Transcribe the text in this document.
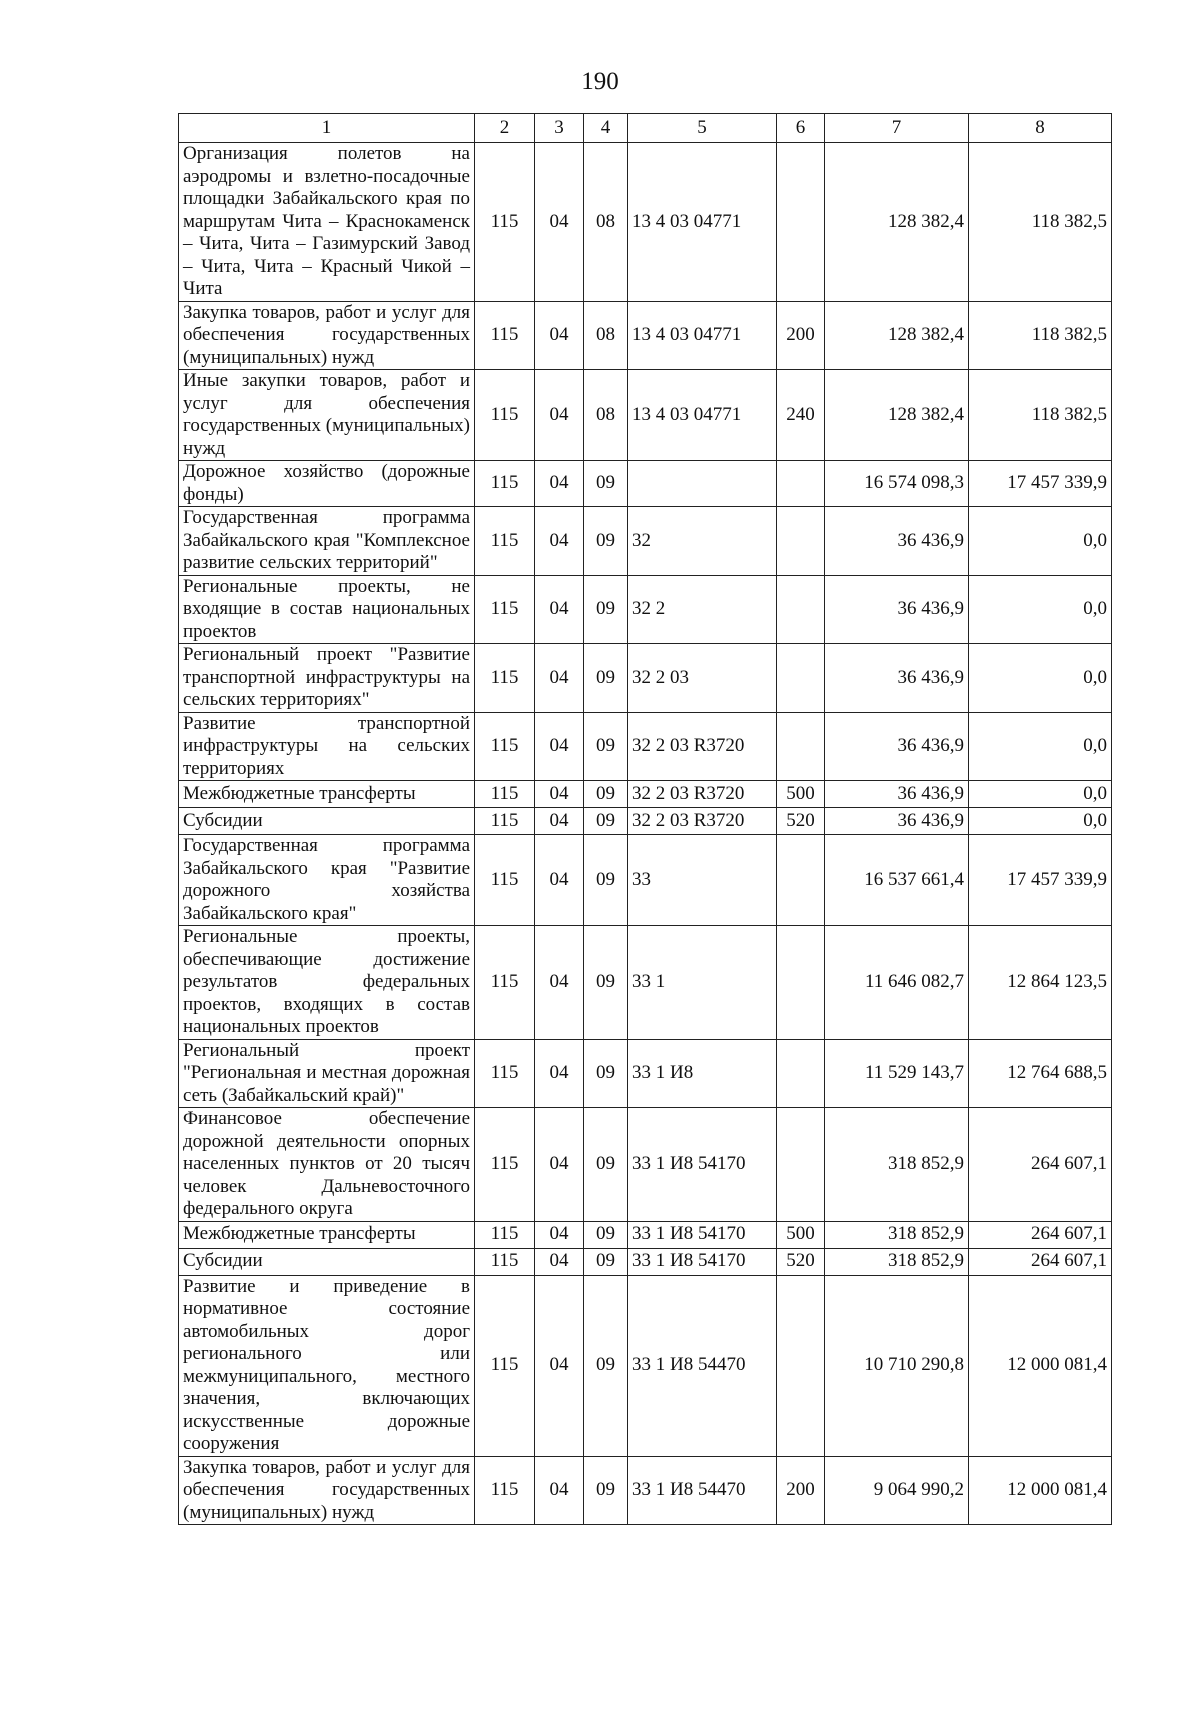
190
1	2	3	4	5	6	7	8
Организация полетов на аэродромы и взлетно-посадочные площадки Забайкальского края по маршрутам Чита – Краснокаменск – Чита, Чита – Газимурский Завод – Чита, Чита – Красный Чикой – Чита	115	04	08	13 4 03 04771		128 382,4	118 382,5
Закупка товаров, работ и услуг для обеспечения государственных (муниципальных) нужд	115	04	08	13 4 03 04771	200	128 382,4	118 382,5
Иные закупки товаров, работ и услуг для обеспечения государственных (муниципальных) нужд	115	04	08	13 4 03 04771	240	128 382,4	118 382,5
Дорожное хозяйство (дорожные фонды)	115	04	09			16 574 098,3	17 457 339,9
Государственная программа Забайкальского края "Комплексное развитие сельских территорий"	115	04	09	32		36 436,9	0,0
Региональные проекты, не входящие в состав национальных проектов	115	04	09	32 2		36 436,9	0,0
Региональный проект "Развитие транспортной инфраструктуры на сельских территориях"	115	04	09	32 2 03		36 436,9	0,0
Развитие транспортной инфраструктуры на сельских территориях	115	04	09	32 2 03 R3720		36 436,9	0,0
Межбюджетные трансферты	115	04	09	32 2 03 R3720	500	36 436,9	0,0
Субсидии	115	04	09	32 2 03 R3720	520	36 436,9	0,0
Государственная программа Забайкальского края "Развитие дорожного хозяйства Забайкальского края"	115	04	09	33		16 537 661,4	17 457 339,9
Региональные проекты, обеспечивающие достижение результатов федеральных проектов, входящих в состав национальных проектов	115	04	09	33 1		11 646 082,7	12 864 123,5
Региональный проект "Региональная и местная дорожная сеть (Забайкальский край)"	115	04	09	33 1 И8		11 529 143,7	12 764 688,5
Финансовое обеспечение дорожной деятельности опорных населенных пунктов от 20 тысяч человек Дальневосточного федерального округа	115	04	09	33 1 И8 54170		318 852,9	264 607,1
Межбюджетные трансферты	115	04	09	33 1 И8 54170	500	318 852,9	264 607,1
Субсидии	115	04	09	33 1 И8 54170	520	318 852,9	264 607,1
Развитие и приведение в нормативное состояние автомобильных дорог регионального или межмуниципального, местного значения, включающих искусственные дорожные сооружения	115	04	09	33 1 И8 54470		10 710 290,8	12 000 081,4
Закупка товаров, работ и услуг для обеспечения государственных (муниципальных) нужд	115	04	09	33 1 И8 54470	200	9 064 990,2	12 000 081,4
